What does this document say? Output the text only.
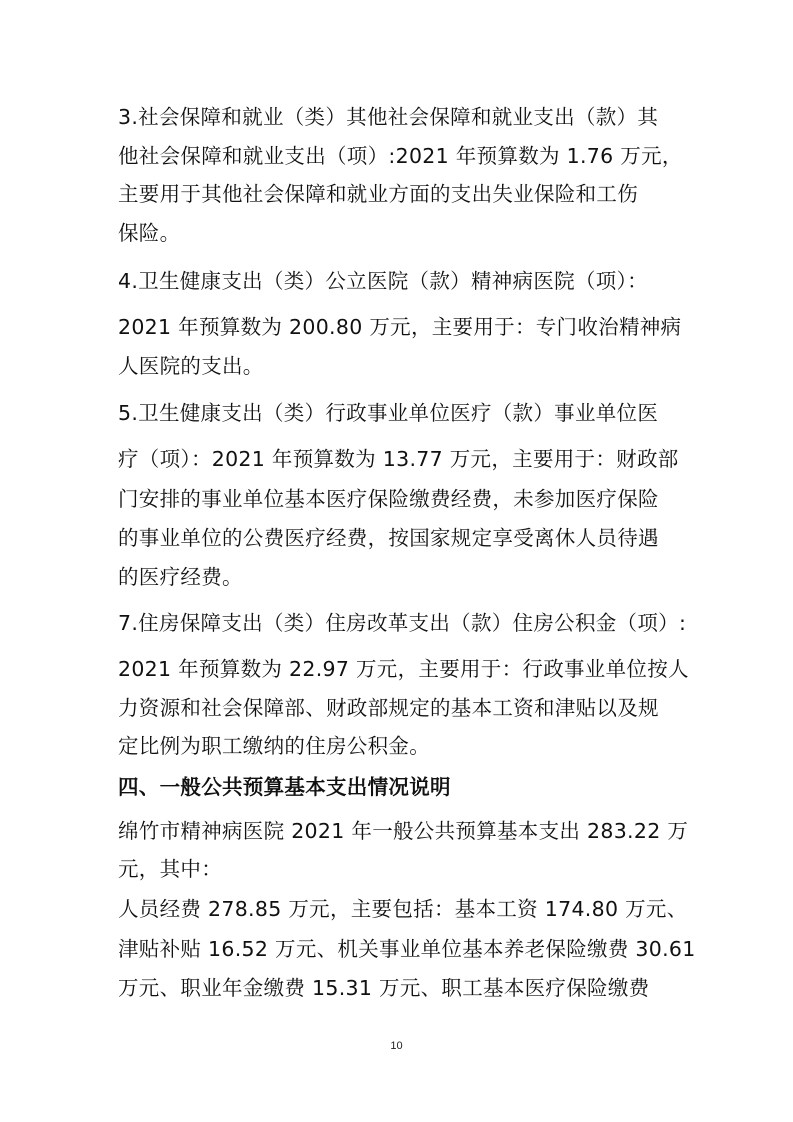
3.社会保障和就业（类）其他社会保障和就业支出（款）其
他社会保障和就业支出（项）:2021 年预算数为 1.76 万元，
主要用于其他社会保障和就业方面的支出失业保险和工伤
保险。
4.卫生健康支出（类）公立医院（款）精神病医院（项）：
2021 年预算数为 200.80 万元，主要用于：专门收治精神病
人医院的支出。
5.卫生健康支出（类）行政事业单位医疗（款）事业单位医
疗（项）：2021 年预算数为 13.77 万元，主要用于：财政部
门安排的事业单位基本医疗保险缴费经费，未参加医疗保险
的事业单位的公费医疗经费，按国家规定享受离休人员待遇
的医疗经费。
7.住房保障支出（类）住房改革支出（款）住房公积金（项）:
2021 年预算数为 22.97 万元，主要用于：行政事业单位按人
力资源和社会保障部、财政部规定的基本工资和津贴以及规
定比例为职工缴纳的住房公积金。
四、一般公共预算基本支出情况说明
绵竹市精神病医院 2021 年一般公共预算基本支出 283.22 万
元，其中：
人员经费 278.85 万元，主要包括：基本工资 174.80 万元、
津贴补贴 16.52 万元、机关事业单位基本养老保险缴费 30.61
万元、职业年金缴费 15.31 万元、职工基本医疗保险缴费
10
